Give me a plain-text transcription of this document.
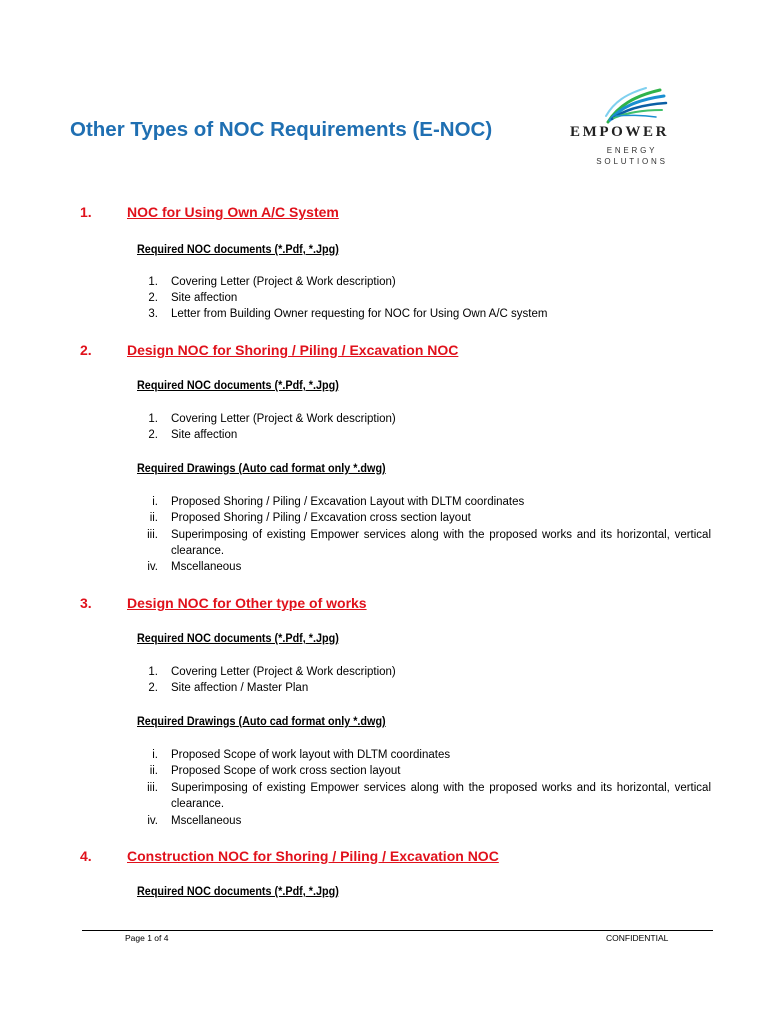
Other Types of NOC Requirements (E-NOC)	EMPOWER
ENERGY
SOLUTIONS
1.	NOC for Using Own A/C System
Required NOC documents (*.Pdf, *.Jpg)
1. Covering Letter (Project & Work description)
2. Site affection
3. Letter from Building Owner requesting for NOC for Using Own A/C system
2.	Design NOC for Shoring / Piling / Excavation NOC
Required NOC documents (*.Pdf, *.Jpg)
1. Covering Letter (Project & Work description)
2. Site affection
Required Drawings (Auto cad format only *.dwg)
i. Proposed Shoring / Piling / Excavation Layout with DLTM coordinates
ii. Proposed Shoring / Piling / Excavation cross section layout
iii. Superimposing of existing Empower services along with the proposed works and its horizontal, vertical
clearance.
iv. Mscellaneous
3.	Design NOC for Other type of works
Required NOC documents (*.Pdf, *.Jpg)
1. Covering Letter (Project & Work description)
2. Site affection / Master Plan
Required Drawings (Auto cad format only *.dwg)
i. Proposed Scope of work layout with DLTM coordinates
ii. Proposed Scope of work cross section layout
iii. Superimposing of existing Empower services along with the proposed works and its horizontal, vertical
clearance.
iv. Mscellaneous
4.	Construction NOC for Shoring / Piling / Excavation NOC
Required NOC documents (*.Pdf, *.Jpg)
Page 1 of 4	CONFIDENTIAL
